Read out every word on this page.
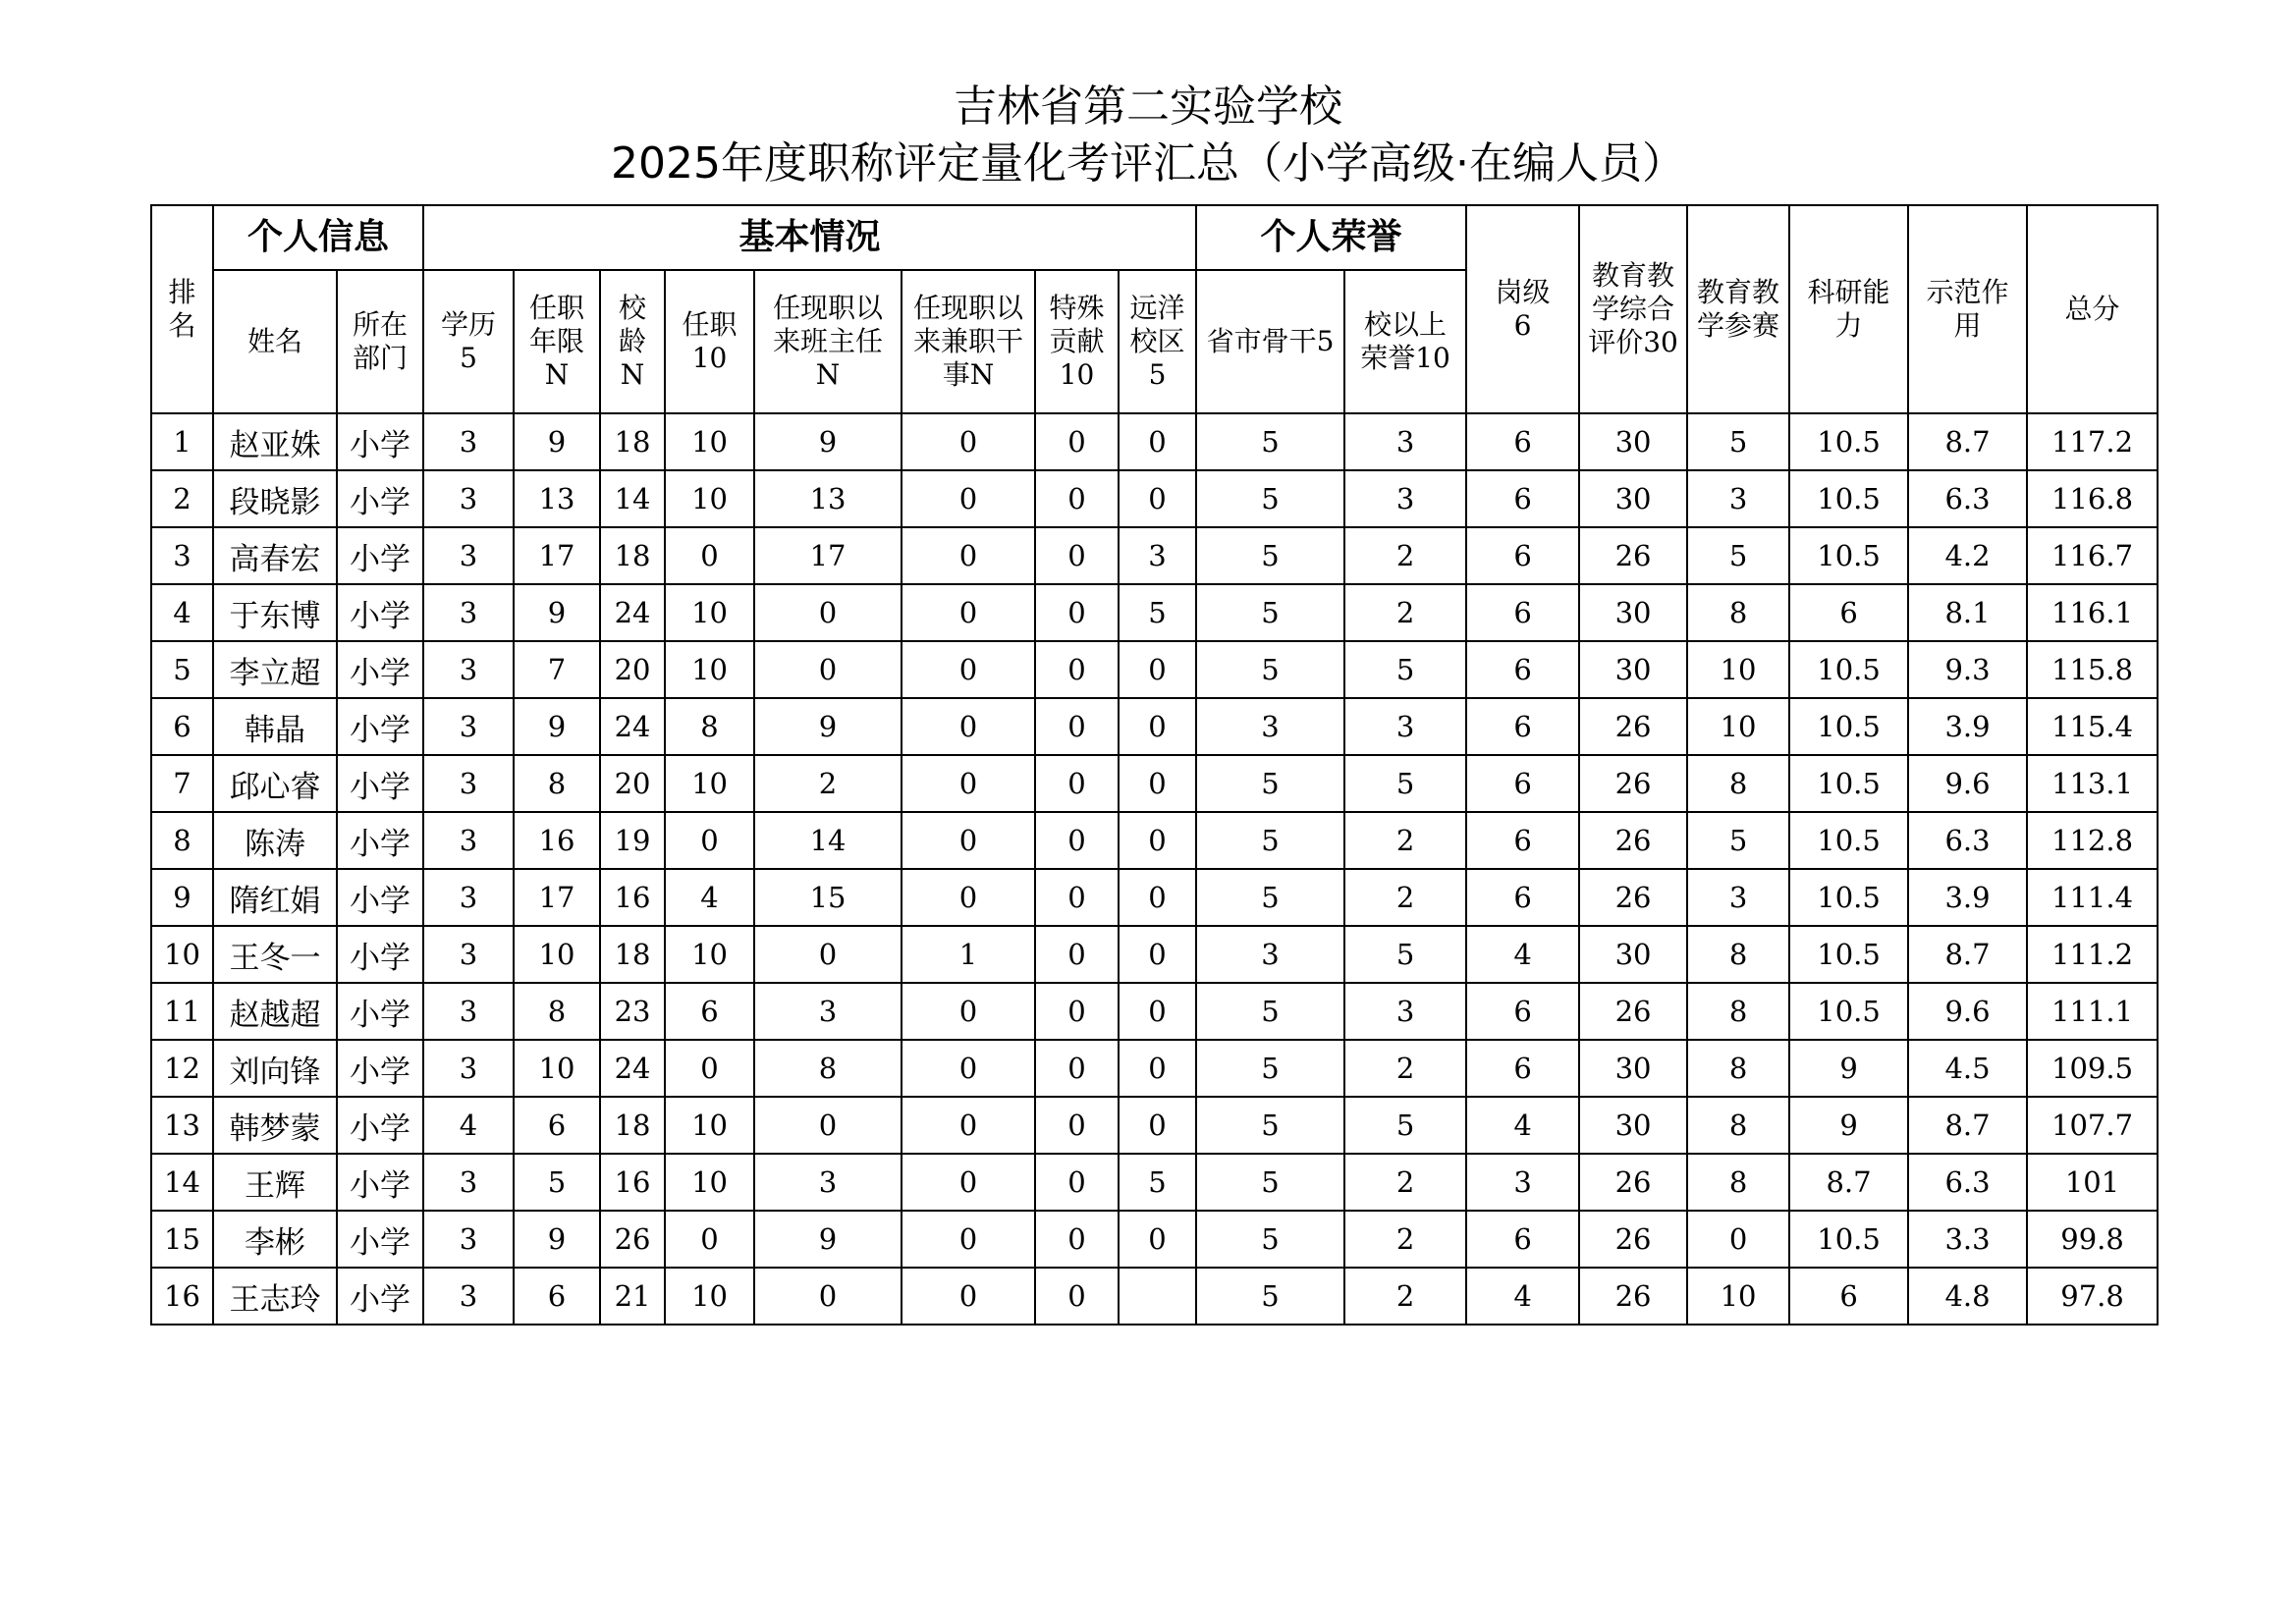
吉林省第二实验学校
2025年度职称评定量化考评汇总（小学高级·在编人员）
排名	个人信息		基本情况								个人荣誉		岗级6	教育教学综合评价30	教育教学参赛	科研能力	示范作用	总分
	姓名	所在部门	学历5	任职年限N	校龄N	任职10	任现职以来班主任N	任现职以来兼职干事N	特殊贡献10	远洋校区5	省市骨干5	校以上荣誉10						
1	赵亚姝	小学	3	9	18	10	9	0	0	0	5	3	6	30	5	10.5	8.7	117.2
2	段晓影	小学	3	13	14	10	13	0	0	0	5	3	6	30	3	10.5	6.3	116.8
3	高春宏	小学	3	17	18	0	17	0	0	3	5	2	6	26	5	10.5	4.2	116.7
4	于东博	小学	3	9	24	10	0	0	0	5	5	2	6	30	8	6	8.1	116.1
5	李立超	小学	3	7	20	10	0	0	0	0	5	5	6	30	10	10.5	9.3	115.8
6	韩晶	小学	3	9	24	8	9	0	0	0	3	3	6	26	10	10.5	3.9	115.4
7	邱心睿	小学	3	8	20	10	2	0	0	0	5	5	6	26	8	10.5	9.6	113.1
8	陈涛	小学	3	16	19	0	14	0	0	0	5	2	6	26	5	10.5	6.3	112.8
9	隋红娟	小学	3	17	16	4	15	0	0	0	5	2	6	26	3	10.5	3.9	111.4
10	王冬一	小学	3	10	18	10	0	1	0	0	3	5	4	30	8	10.5	8.7	111.2
11	赵越超	小学	3	8	23	6	3	0	0	0	5	3	6	26	8	10.5	9.6	111.1
12	刘向锋	小学	3	10	24	0	8	0	0	0	5	2	6	30	8	9	4.5	109.5
13	韩梦蒙	小学	4	6	18	10	0	0	0	0	5	5	4	30	8	9	8.7	107.7
14	王辉	小学	3	5	16	10	3	0	0	5	5	2	3	26	8	8.7	6.3	101
15	李彬	小学	3	9	26	0	9	0	0	0	5	2	6	26	0	10.5	3.3	99.8
16	王志玲	小学	3	6	21	10	0	0	0		5	2	4	26	10	6	4.8	97.8
